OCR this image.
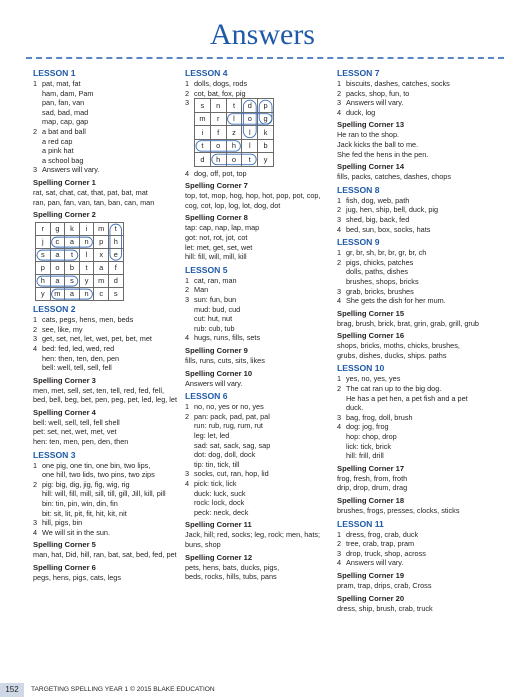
Answers
LESSON 1
1 pat, mat, fat
ham, dam, Pam
pan, fan, van
sad, bad, mad
map, cap, gap
2 a bat and ball
a red cap
a pink hat
a school bag
3 Answers will vary.
Spelling Corner 1
rat, sat, chat, cat, that, pat, bat, mat
ran, pan, fan, van, tan, ban, can, man
Spelling Corner 2
r	g	k	i	m	t
j	c	a	n	p	h
s	a	t	l	x	e
p	o	b	t	a	f
h	a	s	y	m	d
y	m	a	n	c	s
LESSON 2
1 cats, pegs, hens, men, beds
2 see, like, my
3 get, set, net, let, wet, pet, bet, met
4 bed: fed, led, wed, red
hen: then, ten, den, pen
bell: well, tell, sell, fell
Spelling Corner 3
men, met, sell, set, ten, tell, red, fed, fell,
bed, bell, beg, bet, pen, peg, pet, led, leg, let
Spelling Corner 4
bell: well, sell, tell, fell shell
pet: set, net, wet, met, vet
hen: ten, men, pen, den, then
LESSON 3
1 one pig, one tin, one bin, two lips,
one hill, two lids, two pins, two zips
2 pig: big, dig, jig, fig, wig, rig
hill: will, fill, mill, sill, till, gill, Jill, kill, pill
bin: tin, pin, win, din, fin
bit: sit, lit, pit, fit, hit, kit, nit
3 hill, pigs, bin
4 We will sit in the sun.
Spelling Corner 5
man, hat, Did, hill, ran, bat, sat, bed, fed, pet
Spelling Corner 6
pegs, hens, pigs, cats, legs
LESSON 4
1 dolls, dogs, rods
2 cot, bat, fox, pig
3	s	n	t	d	p
m	r	l	o	g
i	f	z	l	k
t	o	h	l	b
d	h	o	t	y
4 dog, off, pot, top
Spelling Corner 7
top, tot, mop, hog, hop, hot, pop, pot, cop,
cog, cot, lop, log, lot, dog, dot
Spelling Corner 8
tap: cap, nap, lap, map
got: not, rot, jot, cot
let: met, get, set, wet
hill: fill, will, mill, kill
LESSON 5
1 cat, ran, man
2 Man
3 sun: fun, bun
mud: bud, cud
cut: hut, nut
rub: cub, tub
4 hugs, runs, fills, sets
Spelling Corner 9
fills, runs, cuts, sits, likes
Spelling Corner 10
Answers will vary.
LESSON 6
1 no, no, yes or no, yes
2 pan: pack, pad, pat, pal
run: rub, rug, rum, rut
leg: let, led
sad: sat, sack, sag, sap
dot: dog, doll, dock
tip: tin, tick, till
3 socks, cut, ran, hop, lid
4 pick: tick, lick
duck: luck, suck
rock: lock, dock
peck: neck, deck
Spelling Corner 11
Jack, hill; red, socks; leg, rock; men, hats;
buns, shop
Spelling Corner 12
pets, hens, bats, ducks, pigs,
beds, rocks, hills, tubs, pans
LESSON 7
1 biscuits, dashes, catches, socks
2 packs, shop, fun, to
3 Answers will vary.
4 duck, log
Spelling Corner 13
He ran to the shop.
Jack kicks the ball to me.
She fed the hens in the pen.
Spelling Corner 14
fills, packs, catches, dashes, chops
LESSON 8
1 fish, dog, web, path
2 jug, hen, ship, bell, duck, pig
3 shed, big, back, fed
4 bed, sun, box, socks, hats
LESSON 9
1 gr, br, sh, br, br, gr, br, ch
2 pigs, chicks, patches
dolls, paths, dishes
brushes, shops, bricks
3 grab, bricks, brushes
4 She gets the dish for her mum.
Spelling Corner 15
brag, brush, brick, brat, grin, grab, grill, grub
Spelling Corner 16
shops, bricks, moths, chicks, brushes,
grubs, dishes, ducks, ships. paths
LESSON 10
1 yes, no, yes, yes
2 The cat ran up to the big dog.
He has a pet hen, a pet fish and a pet
duck.
3 bag, frog, doll, brush
4 dog: jog, frog
hop: chop, drop
lick: tick, brick
hill: frill, drill
Spelling Corner 17
frog, fresh, from, froth
drip, drop, drum, drag
Spelling Corner 18
brushes, frogs, presses, clocks, sticks
LESSON 11
1 dress, frog, crab, duck
2 tree, crab, trap, pram
3 drop, truck, shop, across
4 Answers will vary.
Spelling Corner 19
pram, trap, drips, crab, Cross
Spelling Corner 20
dress, ship, brush, crab, truck
152	TARGETING SPELLING YEAR 1 © 2015 BLAKE EDUCATION
